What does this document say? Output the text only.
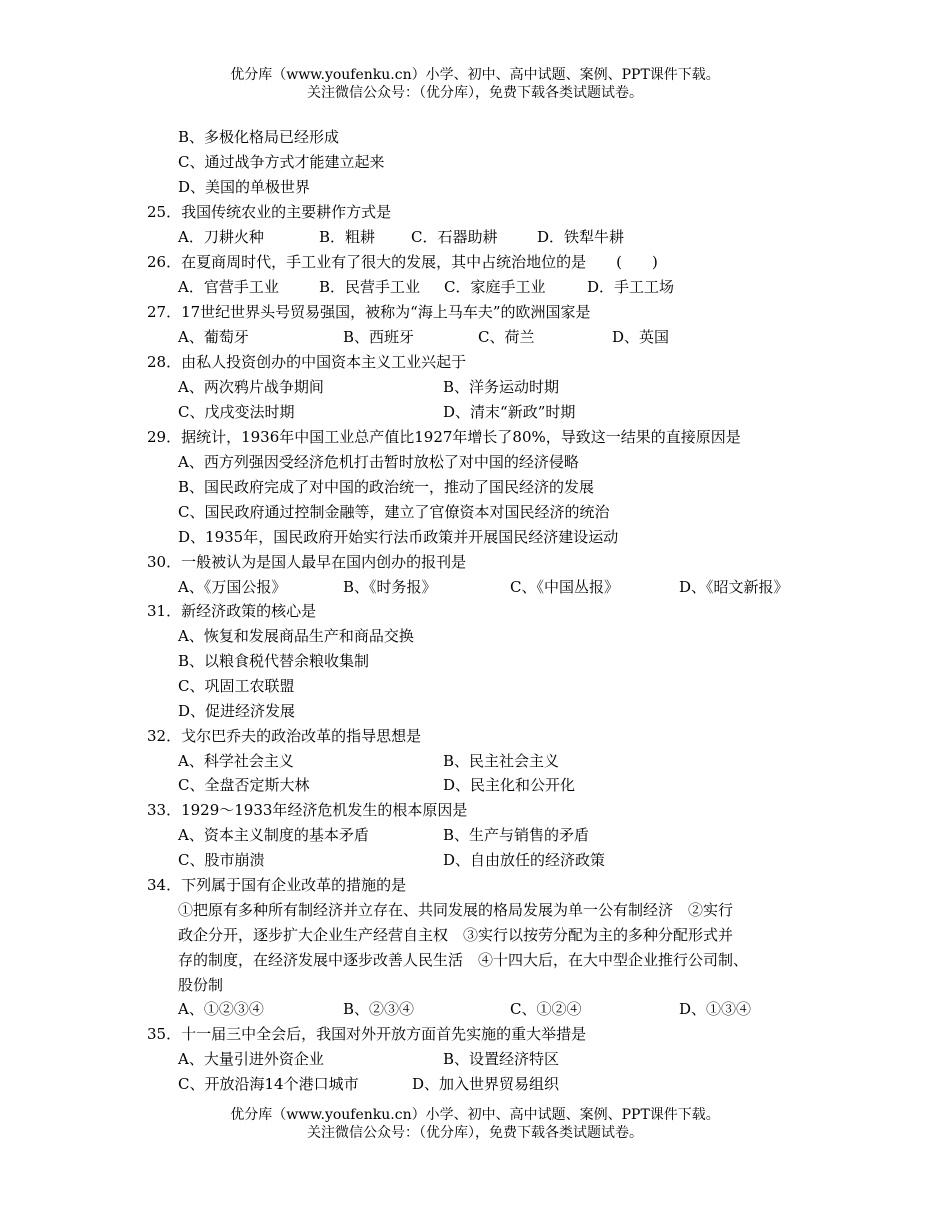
优分库（www.youfenku.cn）小学、初中、高中试题、案例、PPT课件下载。
关注微信公众号：（优分库），免费下载各类试题试卷。
B、多极化格局已经形成
C、通过战争方式才能建立起来
D、美国的单极世界
25．我国传统农业的主要耕作方式是
A．刀耕火种	B．粗耕 C．石器助耕	D．铁犁牛耕
26．在夏商周时代，手工业有了很大的发展，其中占统治地位的是　　(　　)
A．官营手工业	B．民营手工业 C．家庭手工业	D．手工工场
27．17世纪世界头号贸易强国，被称为“海上马车夫”的欧洲国家是
A、葡萄牙	B、西班牙	C、荷兰	D、英国
28．由私人投资创办的中国资本主义工业兴起于
A、两次鸦片战争期间	B、洋务运动时期
C、戊戌变法时期	D、清末“新政”时期
29．据统计，1936年中国工业总产值比1927年增长了80%，导致这一结果的直接原因是
A、西方列强因受经济危机打击暂时放松了对中国的经济侵略
B、国民政府完成了对中国的政治统一，推动了国民经济的发展
C、国民政府通过控制金融等，建立了官僚资本对国民经济的统治
D、1935年，国民政府开始实行法币政策并开展国民经济建设运动
30．一般被认为是国人最早在国内创办的报刊是
A、《万国公报》	B、《时务报》	C、《中国丛报》	D、《昭文新报》
31．新经济政策的核心是
A、恢复和发展商品生产和商品交换
B、以粮食税代替余粮收集制
C、巩固工农联盟
D、促进经济发展
32．戈尔巴乔夫的政治改革的指导思想是
A、科学社会主义	B、民主社会主义
C、全盘否定斯大林	D、民主化和公开化
33．1929～1933年经济危机发生的根本原因是
A、资本主义制度的基本矛盾	B、生产与销售的矛盾
C、股市崩溃	D、自由放任的经济政策
34．下列属于国有企业改革的措施的是
①把原有多种所有制经济并立存在、共同发展的格局发展为单一公有制经济　②实行
政企分开，逐步扩大企业生产经营自主权　③实行以按劳分配为主的多种分配形式并
存的制度，在经济发展中逐步改善人民生活　④十四大后，在大中型企业推行公司制、
股份制
A、①②③④	B、②③④	C、①②④	D、①③④
35．十一届三中全会后，我国对外开放方面首先实施的重大举措是
A、大量引进外资企业	B、设置经济特区
C、开放沿海14个港口城市	D、加入世界贸易组织
优分库（www.youfenku.cn）小学、初中、高中试题、案例、PPT课件下载。
关注微信公众号：（优分库），免费下载各类试题试卷。
